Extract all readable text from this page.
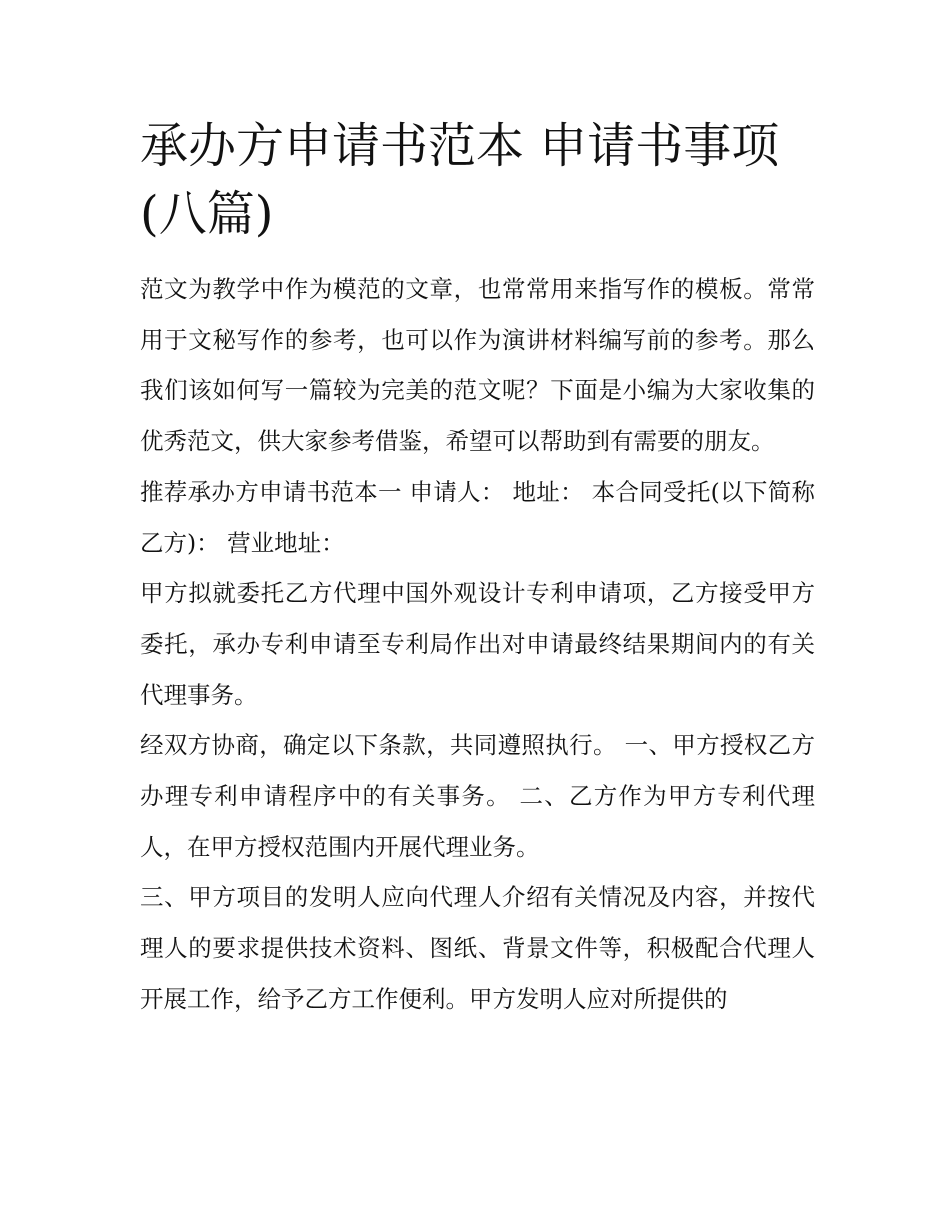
承办方申请书范本 申请书事项(八篇)

范文为教学中作为模范的文章，也常常用来指写作的模板。常常用于文秘写作的参考，也可以作为演讲材料编写前的参考。那么我们该如何写一篇较为完美的范文呢？下面是小编为大家收集的优秀范文，供大家参考借鉴，希望可以帮助到有需要的朋友。

推荐承办方申请书范本一 申请人： 地址： 本合同受托(以下简称乙方)： 营业地址：

甲方拟就委托乙方代理中国外观设计专利申请项，乙方接受甲方委托，承办专利申请至专利局作出对申请最终结果期间内的有关代理事务。

经双方协商，确定以下条款，共同遵照执行。 一、甲方授权乙方办理专利申请程序中的有关事务。 二、乙方作为甲方专利代理人，在甲方授权范围内开展代理业务。

三、甲方项目的发明人应向代理人介绍有关情况及内容，并按代理人的要求提供技术资料、图纸、背景文件等，积极配合代理人开展工作，给予乙方工作便利。甲方发明人应对所提供的
